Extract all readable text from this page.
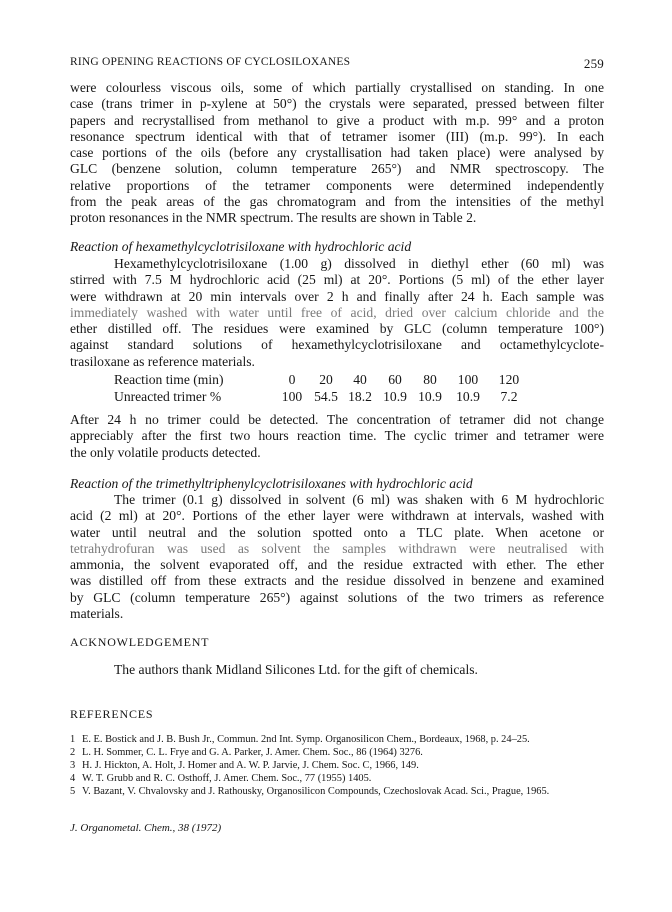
RING OPENING REACTIONS OF CYCLOSILOXANES	259
were colourless viscous oils, some of which partially crystallised on standing. In one
case (trans trimer in p-xylene at 50°) the crystals were separated, pressed between filter
papers and recrystallised from methanol to give a product with m.p. 99° and a proton
resonance spectrum identical with that of tetramer isomer (III) (m.p. 99°). In each
case portions of the oils (before any crystallisation had taken place) were analysed by
GLC (benzene solution, column temperature 265°) and NMR spectroscopy. The
relative proportions of the tetramer components were determined independently
from the peak areas of the gas chromatogram and from the intensities of the methyl
proton resonances in the NMR spectrum. The results are shown in Table 2.
Reaction of hexamethylcyclotrisiloxane with hydrochloric acid
Hexamethylcyclotrisiloxane (1.00 g) dissolved in diethyl ether (60 ml) was
stirred with 7.5 M hydrochloric acid (25 ml) at 20°. Portions (5 ml) of the ether layer
were withdrawn at 20 min intervals over 2 h and finally after 24 h. Each sample was
immediately washed with water until free of acid, dried over calcium chloride and the
ether distilled off. The residues were examined by GLC (column temperature 100°)
against standard solutions of hexamethylcyclotrisiloxane and octamethylcyclote-
trasiloxane as reference materials.
Reaction time (min)	0	20	40	60	80	100	120
Unreacted trimer %	100 54.5 18.2 10.9 10.9	10.9	7.2
After 24 h no trimer could be detected. The concentration of tetramer did not change
appreciably after the first two hours reaction time. The cyclic trimer and tetramer were
the only volatile products detected.
Reaction of the trimethyltriphenylcyclotrisiloxanes with hydrochloric acid
The trimer (0.1 g) dissolved in solvent (6 ml) was shaken with 6 M hydrochloric
acid (2 ml) at 20°. Portions of the ether layer were withdrawn at intervals, washed with
water until neutral and the solution spotted onto a TLC plate. When acetone or
tetrahydrofuran was used as solvent the samples withdrawn were neutralised with
ammonia, the solvent evaporated off, and the residue extracted with ether. The ether
was distilled off from these extracts and the residue dissolved in benzene and examined
by GLC (column temperature 265°) against solutions of the two trimers as reference
materials.
ACKNOWLEDGEMENT
The authors thank Midland Silicones Ltd. for the gift of chemicals.
REFERENCES
1 E. E. Bostick and J. B. Bush Jr., Commun. 2nd Int. Symp. Organosilicon Chem., Bordeaux, 1968, p. 24–25.
2 L. H. Sommer, C. L. Frye and G. A. Parker, J. Amer. Chem. Soc., 86 (1964) 3276.
3 H. J. Hickton, A. Holt, J. Homer and A. W. P. Jarvie, J. Chem. Soc. C, 1966, 149.
4 W. T. Grubb and R. C. Osthoff, J. Amer. Chem. Soc., 77 (1955) 1405.
5 V. Bazant, V. Chvalovsky and J. Rathousky, Organosilicon Compounds, Czechoslovak Acad. Sci., Prague, 1965.
J. Organometal. Chem., 38 (1972)
